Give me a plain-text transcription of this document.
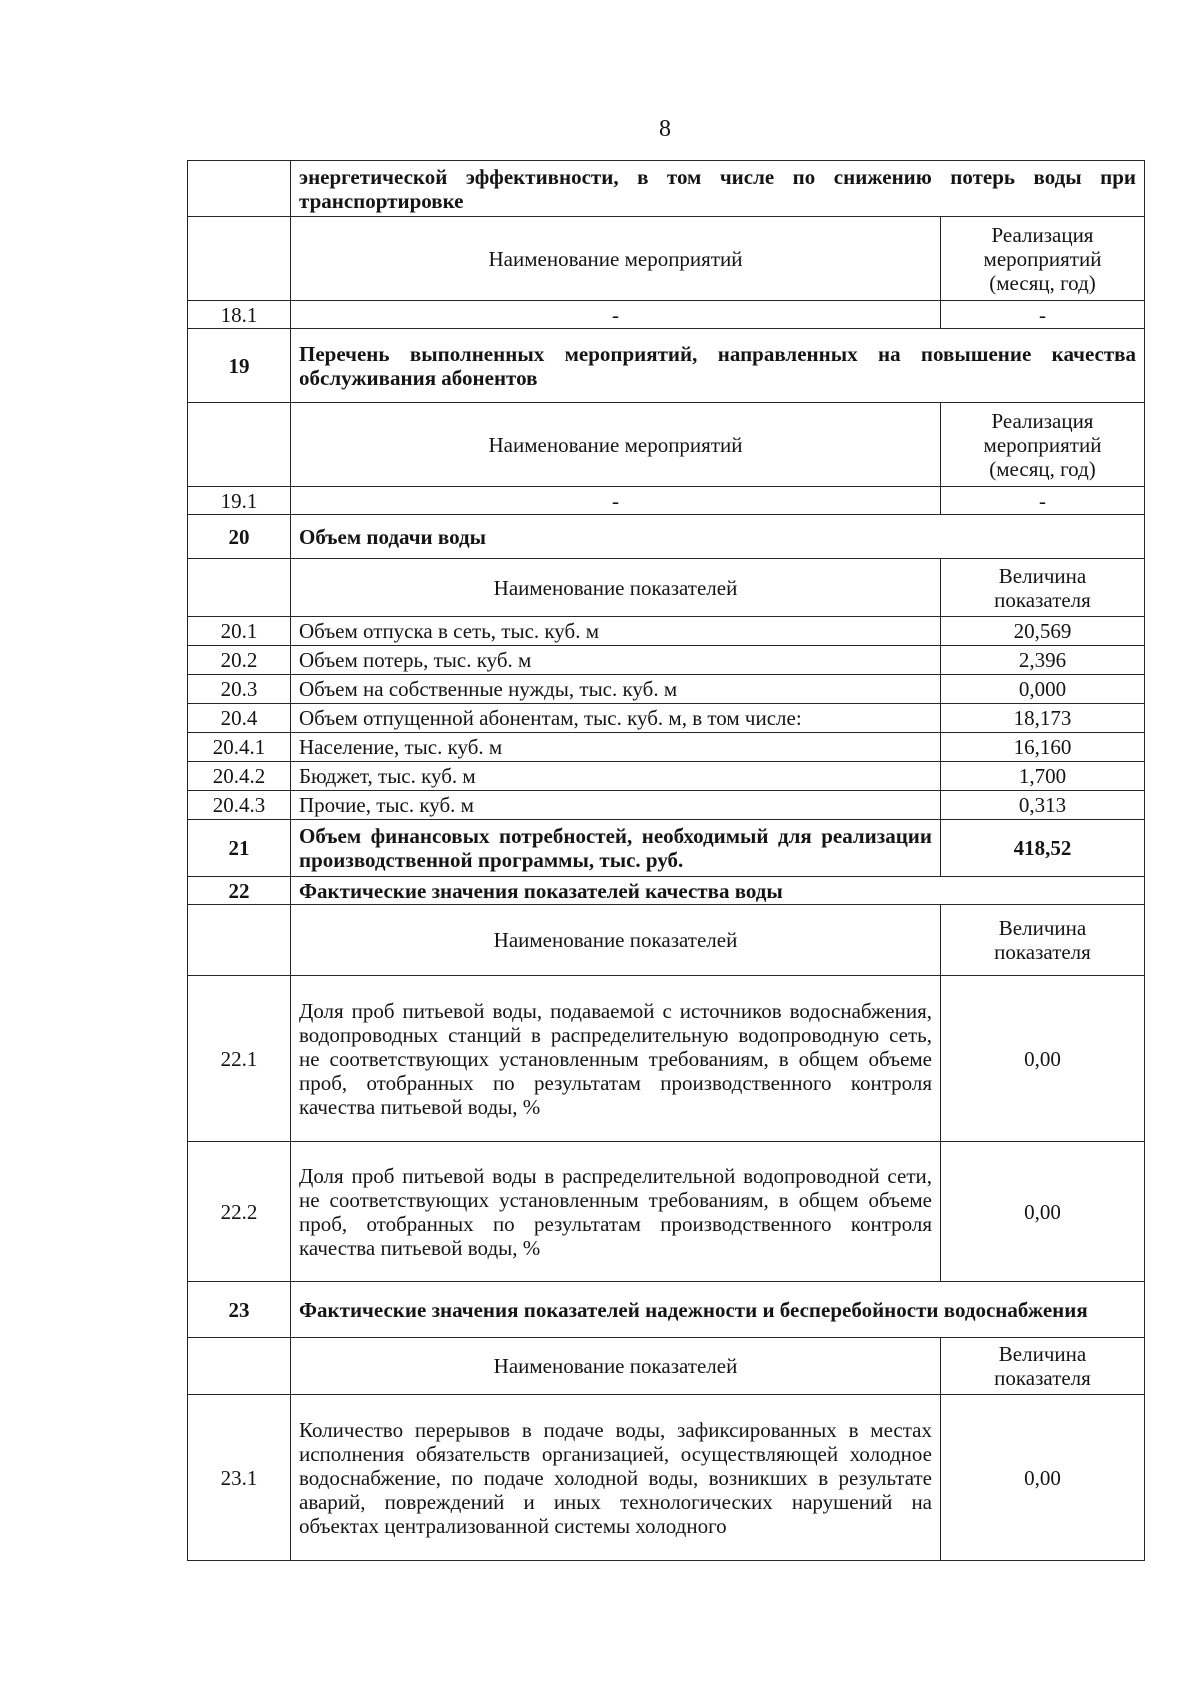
8
	энергетической эффективности, в том числе по снижению потерь воды при транспортировке	
	Наименование мероприятий	Реализация мероприятий (месяц, год)
18.1	-	-
19	Перечень выполненных мероприятий, направленных на повышение качества обслуживания абонентов	
	Наименование мероприятий	Реализация мероприятий (месяц, год)
19.1	-	-
20	Объем подачи воды	
	Наименование показателей	Величина показателя
20.1	Объем отпуска в сеть, тыс. куб. м	20,569
20.2	Объем потерь, тыс. куб. м	2,396
20.3	Объем на собственные нужды, тыс. куб. м	0,000
20.4	Объем отпущенной абонентам, тыс. куб. м, в том числе:	18,173
20.4.1	Население, тыс. куб. м	16,160
20.4.2	Бюджет, тыс. куб. м	1,700
20.4.3	Прочие, тыс. куб. м	0,313
21	Объем финансовых потребностей, необходимый для реализации производственной программы, тыс. руб.	418,52
22	Фактические значения показателей качества воды	
	Наименование показателей	Величина показателя
22.1	Доля проб питьевой воды, подаваемой с источников водоснабжения, водопроводных станций в распределительную водопроводную сеть, не соответствующих установленным требованиям, в общем объеме проб, отобранных по результатам производственного контроля качества питьевой воды, %	0,00
22.2	Доля проб питьевой воды в распределительной водопроводной сети, не соответствующих установленным требованиям, в общем объеме проб, отобранных по результатам производственного контроля качества питьевой воды, %	0,00
23	Фактические значения показателей надежности и бесперебойности водоснабжения	
	Наименование показателей	Величина показателя
23.1	Количество перерывов в подаче воды, зафиксированных в местах исполнения обязательств организацией, осуществляющей холодное водоснабжение, по подаче холодной воды, возникших в результате аварий, повреждений и иных технологических нарушений на объектах централизованной системы холодного	0,00
